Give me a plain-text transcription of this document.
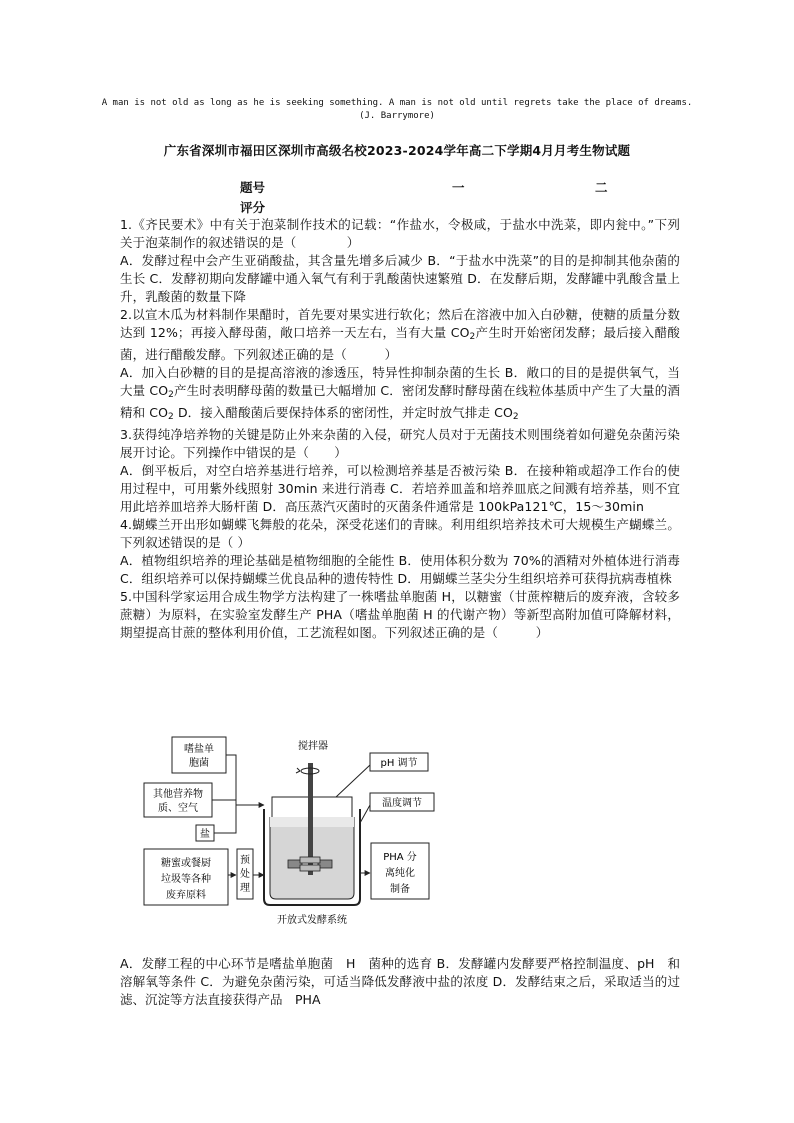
A man is not old as long as he is seeking something. A man is not old until regrets take the place of dreams.
(J. Barrymore)
广东省深圳市福田区深圳市高级名校2023-2024学年高二下学期4月月考生物试题
题号	一	二
评分

1.《齐民要术》中有关于泡菜制作技术的记载：“作盐水，令极咸，于盐水中洗菜，即内瓮中。”下列关于泡菜制作的叙述错误的是（　　　　）

A．发酵过程中会产生亚硝酸盐，其含量先增多后减少 B．“于盐水中洗菜”的目的是抑制其他杂菌的生长 C．发酵初期向发酵罐中通入氧气有利于乳酸菌快速繁殖 D．在发酵后期，发酵罐中乳酸含量上升，乳酸菌的数量下降

2.以宣木瓜为材料制作果醋时，首先要对果实进行软化；然后在溶液中加入白砂糖，使糖的质量分数达到 12%；再接入酵母菌，敞口培养一天左右，当有大量 $CO_2$产生时开始密闭发酵；最后接入醋酸菌，进行醋酸发酵。下列叙述正确的是（　　　）

A．加入白砂糖的目的是提高溶液的渗透压，特异性抑制杂菌的生长 B．敞口的目的是提供氧气，当大量 $CO_2$产生时表明酵母菌的数量已大幅增加 C．密闭发酵时酵母菌在线粒体基质中产生了大量的酒精和 $CO_2$ D．接入醋酸菌后要保持体系的密闭性，并定时放气排走 $CO_2$

3.获得纯净培养物的关键是防止外来杂菌的入侵，研究人员对于无菌技术则围绕着如何避免杂菌污染展开讨论。下列操作中错误的是（　　）

A．倒平板后，对空白培养基进行培养，可以检测培养基是否被污染 B．在接种箱或超净工作台的使用过程中，可用紫外线照射 30min 来进行消毒 C．若培养皿盖和培养皿底之间溅有培养基，则不宜用此培养皿培养大肠杆菌 D．高压蒸汽灭菌时的灭菌条件通常是 100kPa121℃，15～30min

4.蝴蝶兰开出形如蝴蝶飞舞般的花朵，深受花迷们的青睐。利用组织培养技术可大规模生产蝴蝶兰。下列叙述错误的是（ ）

A．植物组织培养的理论基础是植物细胞的全能性 B．使用体积分数为 70%的酒精对外植体进行消毒 C．组织培养可以保持蝴蝶兰优良品种的遗传特性 D．用蝴蝶兰茎尖分生组织培养可获得抗病毒植株

5.中国科学家运用合成生物学方法构建了一株嗜盐单胞菌 H，以糖蜜（甘蔗榨糖后的废弃液，含较多蔗糖）为原料，在实验室发酵生产 PHA（嗜盐单胞菌 H 的代谢产物）等新型高附加值可降解材料，期望提高甘蔗的整体利用价值，工艺流程如图。下列叙述正确的是（　　　）

嗜盐单
胞菌
其他营养物
质、空气
盐
糖蜜或餐厨
垃圾等各种
废弃原料
预
处
理
搅拌器
pH 调节
温度调节
PHA 分
离纯化
制备
开放式发酵系统
A．发酵工程的中心环节是嗜盐单胞菌　H　菌种的选育 B．发酵罐内发酵要严格控制温度、pH　和溶解氧等条件 C．为避免杂菌污染，可适当降低发酵液中盐的浓度 D．发酵结束之后，采取适当的过滤、沉淀等方法直接获得产品　PHA
